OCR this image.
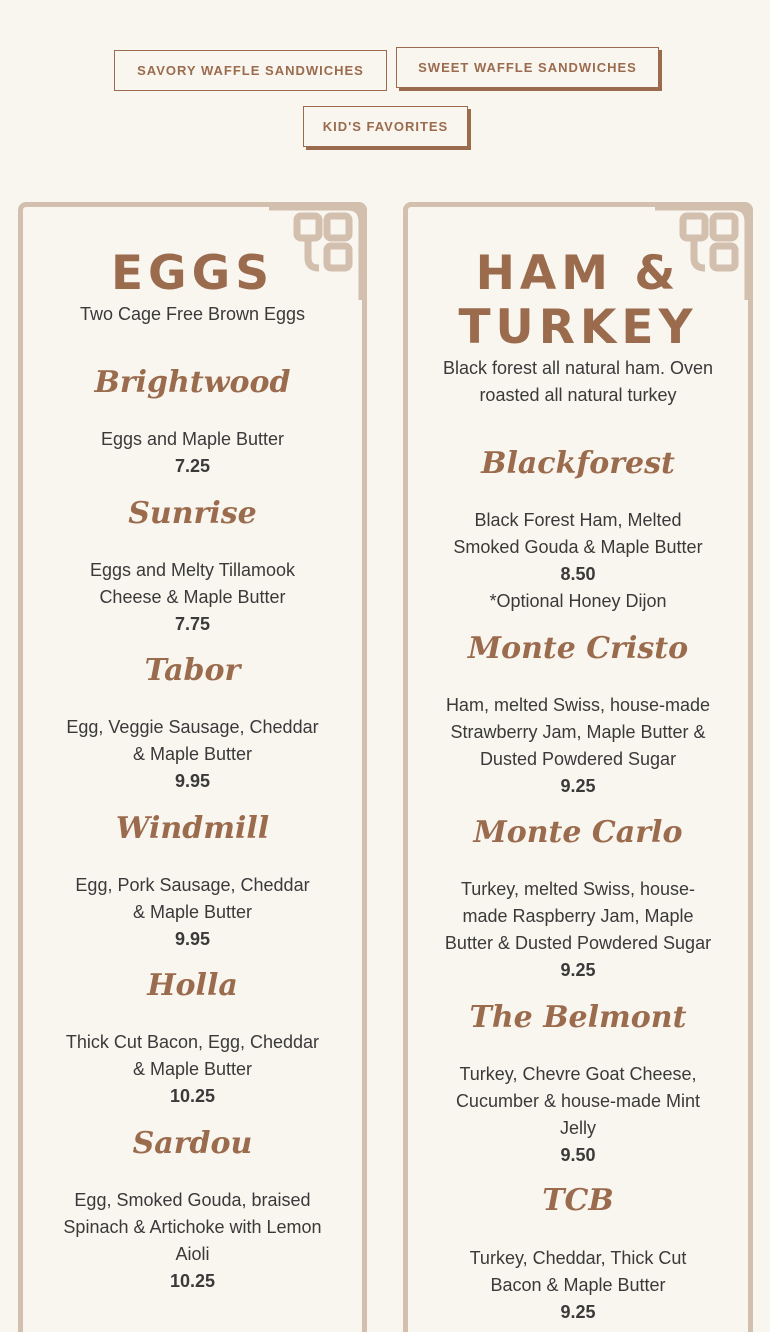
SAVORY WAFFLE SANDWICHES	SWEET WAFFLE SANDWICHES
KID'S FAVORITES
EGGS

Two Cage Free Brown Eggs

Brightwood

Eggs and Maple Butter

7.25

Sunrise

Eggs and Melty Tillamook Cheese & Maple Butter

7.75

Tabor

Egg, Veggie Sausage, Cheddar & Maple Butter

9.95

Windmill

Egg, Pork Sausage, Cheddar & Maple Butter

9.95

Holla

Thick Cut Bacon, Egg, Cheddar & Maple Butter

10.25

Sardou

Egg, Smoked Gouda, braised Spinach & Artichoke with Lemon Aioli

10.25

HAM &
TURKEY

Black forest all natural ham. Oven roasted all natural turkey

Blackforest

Black Forest Ham, Melted Smoked Gouda & Maple Butter

8.50

*Optional Honey Dijon

Monte Cristo

Ham, melted Swiss, house-made Strawberry Jam, Maple Butter & Dusted Powdered Sugar

9.25

Monte Carlo

Turkey, melted Swiss, house-made Raspberry Jam, Maple Butter & Dusted Powdered Sugar

9.25

The Belmont

Turkey, Chevre Goat Cheese, Cucumber & house-made Mint Jelly

9.50

TCB

Turkey, Cheddar, Thick Cut Bacon & Maple Butter

9.25
